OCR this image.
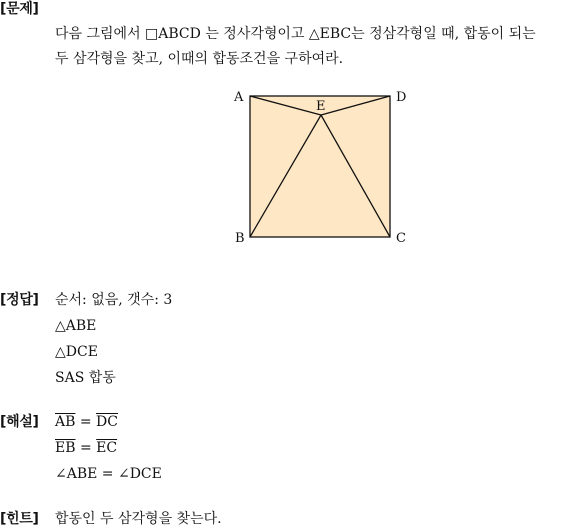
[문제]
다음 그림에서 □ABCD 는 정사각형이고 △EBC는 정삼각형일 때, 합동이 되는
두 삼각형을 찾고, 이때의 합동조건을 구하여라.
A	D
E
B	C
[정답] 순서: 없음, 갯수: 3
△ABE
△DCE
SAS 합동
[해설] $\overline{AB} = \overline{DC}$
$\overline{EB} = \overline{EC}$
∠ABE = ∠DCE
[힌트] 합동인 두 삼각형을 찾는다.
